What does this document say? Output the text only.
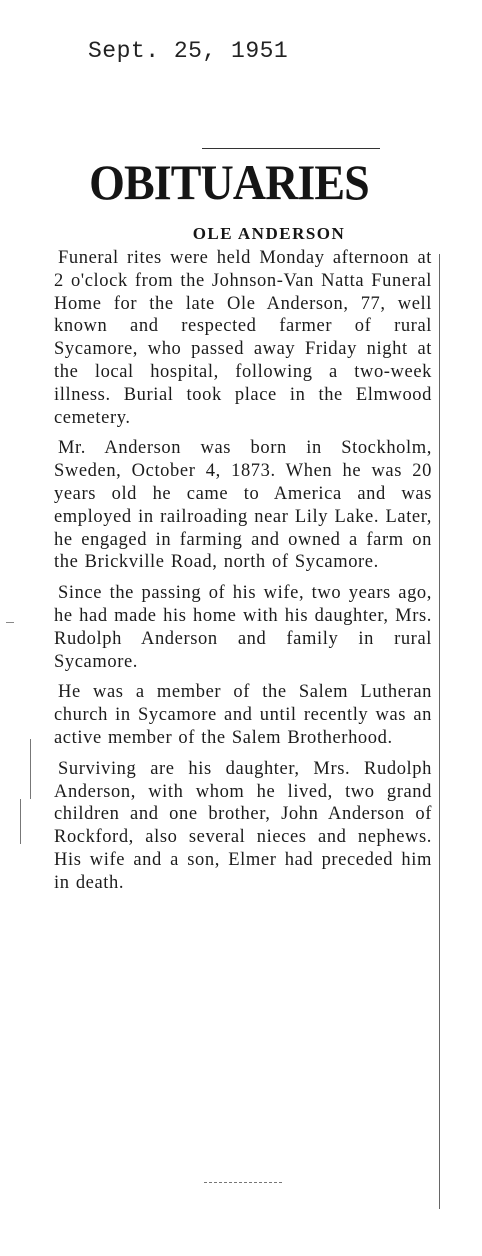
Sept. 25, 1951
OBITUARIES
OLE ANDERSON

Funeral rites were held Monday afternoon at 2 o'clock from the Johnson-Van Natta Funeral Home for the late Ole Anderson, 77, well known and respected farmer of rural Sycamore, who passed away Friday night at the local hospital, following a two-week illness. Burial took place in the Elmwood cemetery.

Mr. Anderson was born in Stockholm, Sweden, October 4, 1873. When he was 20 years old he came to America and was employed in railroading near Lily Lake. Later, he engaged in farming and owned a farm on the Brickville Road, north of Sycamore.

Since the passing of his wife, two years ago, he had made his home with his daughter, Mrs. Rudolph Anderson and family in rural Sycamore.

He was a member of the Salem Lutheran church in Sycamore and until recently was an active member of the Salem Brotherhood.

Surviving are his daughter, Mrs. Rudolph Anderson, with whom he lived, two grand children and one brother, John Anderson of Rockford, also several nieces and nephews. His wife and a son, Elmer had preceded him in death.
